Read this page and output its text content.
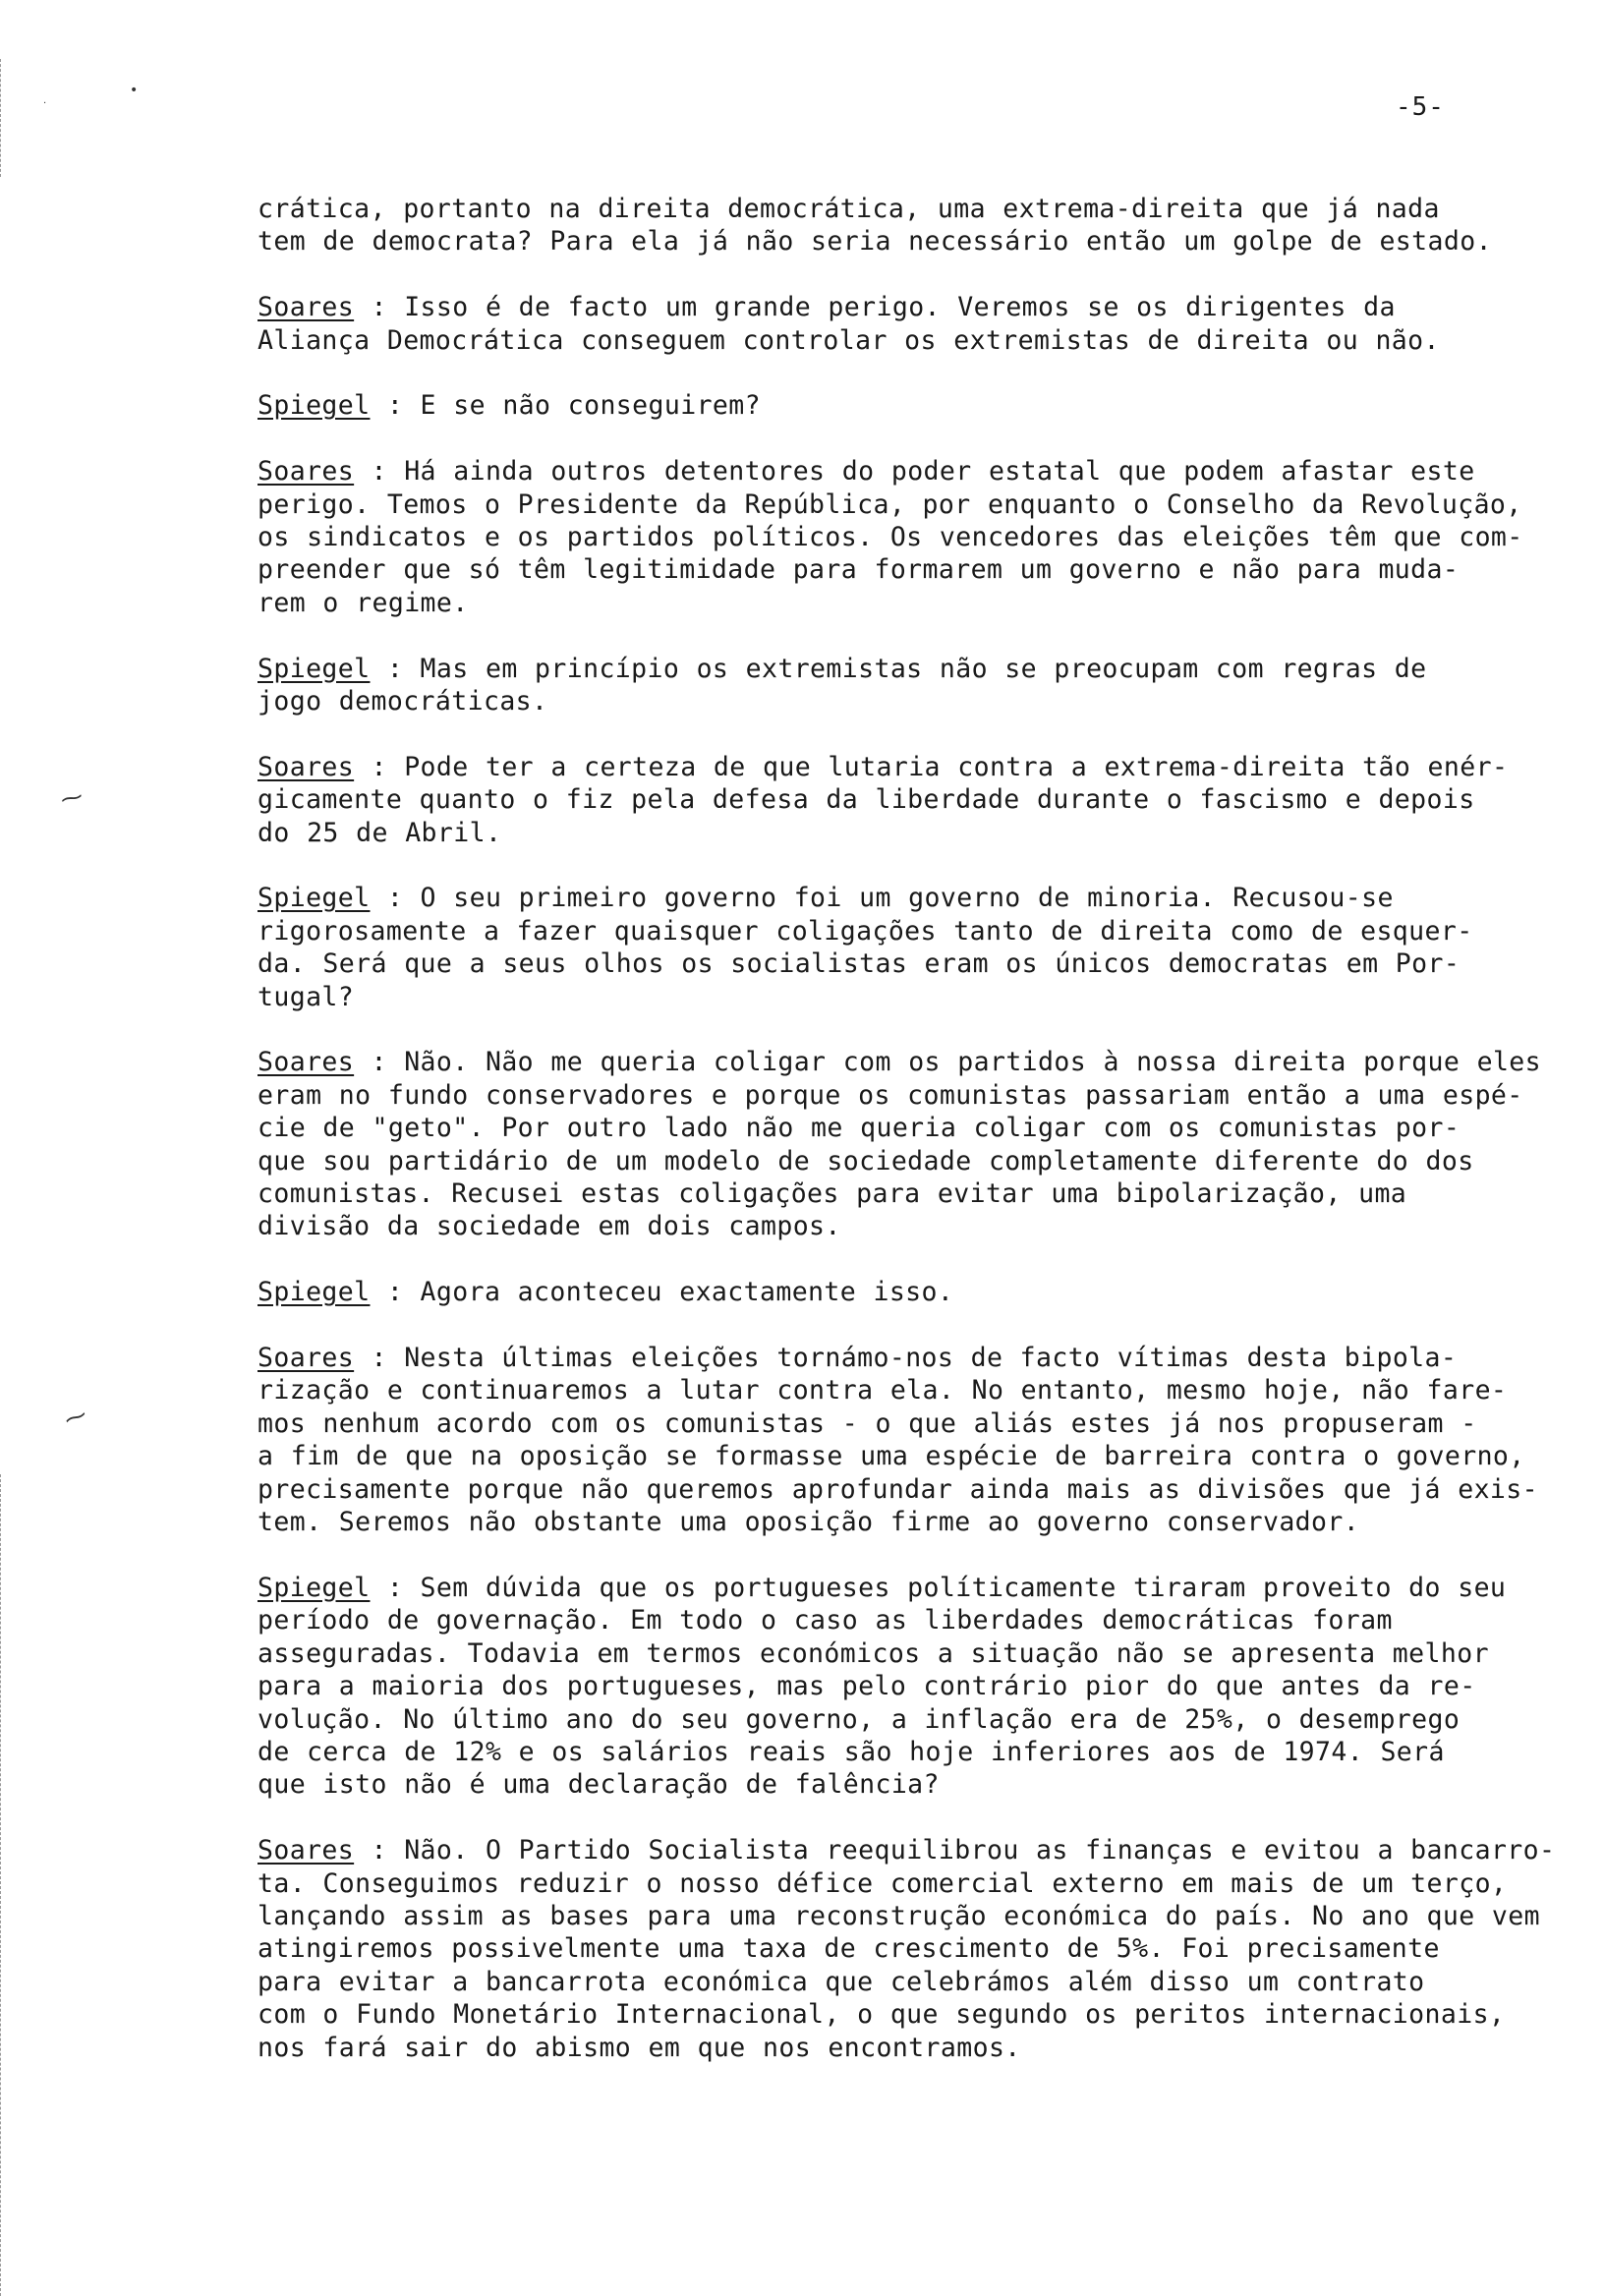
•
·
⁓
⁓
-5-
crática, portanto na direita democrática, uma extrema-direita que já nada
tem de democrata? Para ela já não seria necessário então um golpe de estado.
Soares : Isso é de facto um grande perigo. Veremos se os dirigentes da
Aliança Democrática conseguem controlar os extremistas de direita ou não.
Spiegel : E se não conseguirem?
Soares : Há ainda outros detentores do poder estatal que podem afastar este
perigo. Temos o Presidente da República, por enquanto o Conselho da Revolução,
os sindicatos e os partidos políticos. Os vencedores das eleições têm que com-
preender que só têm legitimidade para formarem um governo e não para muda-
rem o regime.
Spiegel : Mas em princípio os extremistas não se preocupam com regras de
jogo democráticas.
Soares : Pode ter a certeza de que lutaria contra a extrema-direita tão enér-
gicamente quanto o fiz pela defesa da liberdade durante o fascismo e depois
do 25 de Abril.
Spiegel : O seu primeiro governo foi um governo de minoria. Recusou-se
rigorosamente a fazer quaisquer coligações tanto de direita como de esquer-
da. Será que a seus olhos os socialistas eram os únicos democratas em Por-
tugal?
Soares : Não. Não me queria coligar com os partidos à nossa direita porque eles
eram no fundo conservadores e porque os comunistas passariam então a uma espé-
cie de "geto". Por outro lado não me queria coligar com os comunistas por-
que sou partidário de um modelo de sociedade completamente diferente do dos
comunistas. Recusei estas coligações para evitar uma bipolarização, uma
divisão da sociedade em dois campos.
Spiegel : Agora aconteceu exactamente isso.
Soares : Nesta últimas eleições tornámo-nos de facto vítimas desta bipola-
rização e continuaremos a lutar contra ela. No entanto, mesmo hoje, não fare-
mos nenhum acordo com os comunistas - o que aliás estes já nos propuseram -
a fim de que na oposição se formasse uma espécie de barreira contra o governo,
precisamente porque não queremos aprofundar ainda mais as divisões que já exis-
tem. Seremos não obstante uma oposição firme ao governo conservador.
Spiegel : Sem dúvida que os portugueses políticamente tiraram proveito do seu
período de governação. Em todo o caso as liberdades democráticas foram
asseguradas. Todavia em termos económicos a situação não se apresenta melhor
para a maioria dos portugueses, mas pelo contrário pior do que antes da re-
volução. No último ano do seu governo, a inflação era de 25%, o desemprego
de cerca de 12% e os salários reais são hoje inferiores aos de 1974. Será
que isto não é uma declaração de falência?
Soares : Não. O Partido Socialista reequilibrou as finanças e evitou a bancarro-
ta. Conseguimos reduzir o nosso défice comercial externo em mais de um terço,
lançando assim as bases para uma reconstrução económica do país. No ano que vem
atingiremos possivelmente uma taxa de crescimento de 5%. Foi precisamente
para evitar a bancarrota económica que celebrámos além disso um contrato
com o Fundo Monetário Internacional, o que segundo os peritos internacionais,
nos fará sair do abismo em que nos encontramos.
